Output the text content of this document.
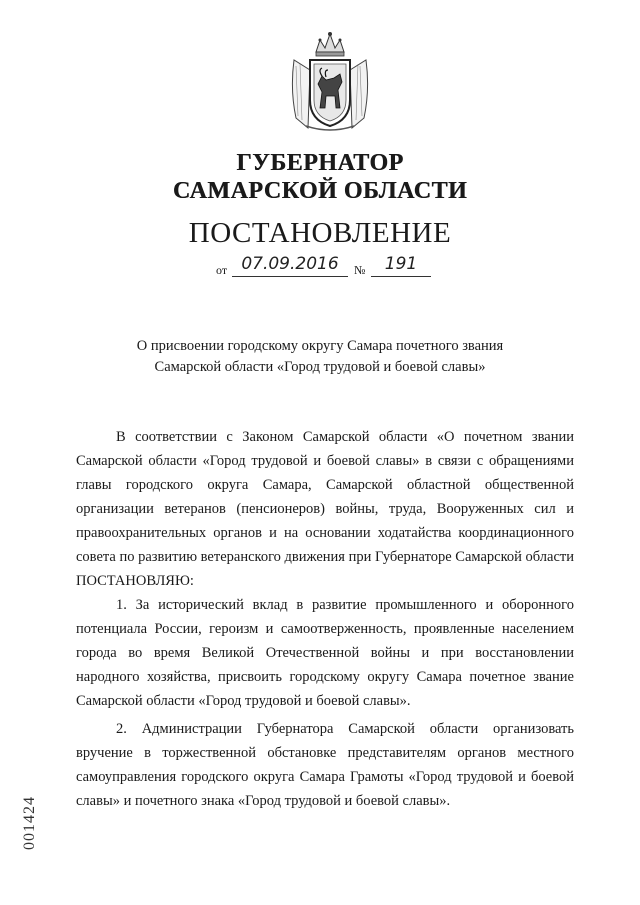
ГУБЕРНАТОР
САМАРСКОЙ ОБЛАСТИ
ПОСТАНОВЛЕНИЕ
от 07.09.2016	№	191
О присвоении городскому округу Самара почетного звания
Самарской области «Город трудовой и боевой славы»

В соответствии с Законом Самарской области «О почетном звании Самарской области «Город трудовой и боевой славы» в связи с обращениями главы городского округа Самара, Самарской областной общественной организации ветеранов (пенсионеров) войны, труда, Вооруженных сил и правоохранительных органов и на основании ходатайства координационного совета по развитию ветеранского движения при Губернаторе Самарской области ПОСТАНОВЛЯЮ:

1. За исторический вклад в развитие промышленного и оборонного потенциала России, героизм и самоотверженность, проявленные населением города во время Великой Отечественной войны и при восстановлении народного хозяйства, присвоить городскому округу Самара почетное звание Самарской области «Город трудовой и боевой славы».

2. Администрации Губернатора Самарской области организовать вручение в торжественной обстановке представителям органов местного самоуправления городского округа Самара Грамоты «Город трудовой и боевой славы» и почетного знака «Город трудовой и боевой славы».

001424
